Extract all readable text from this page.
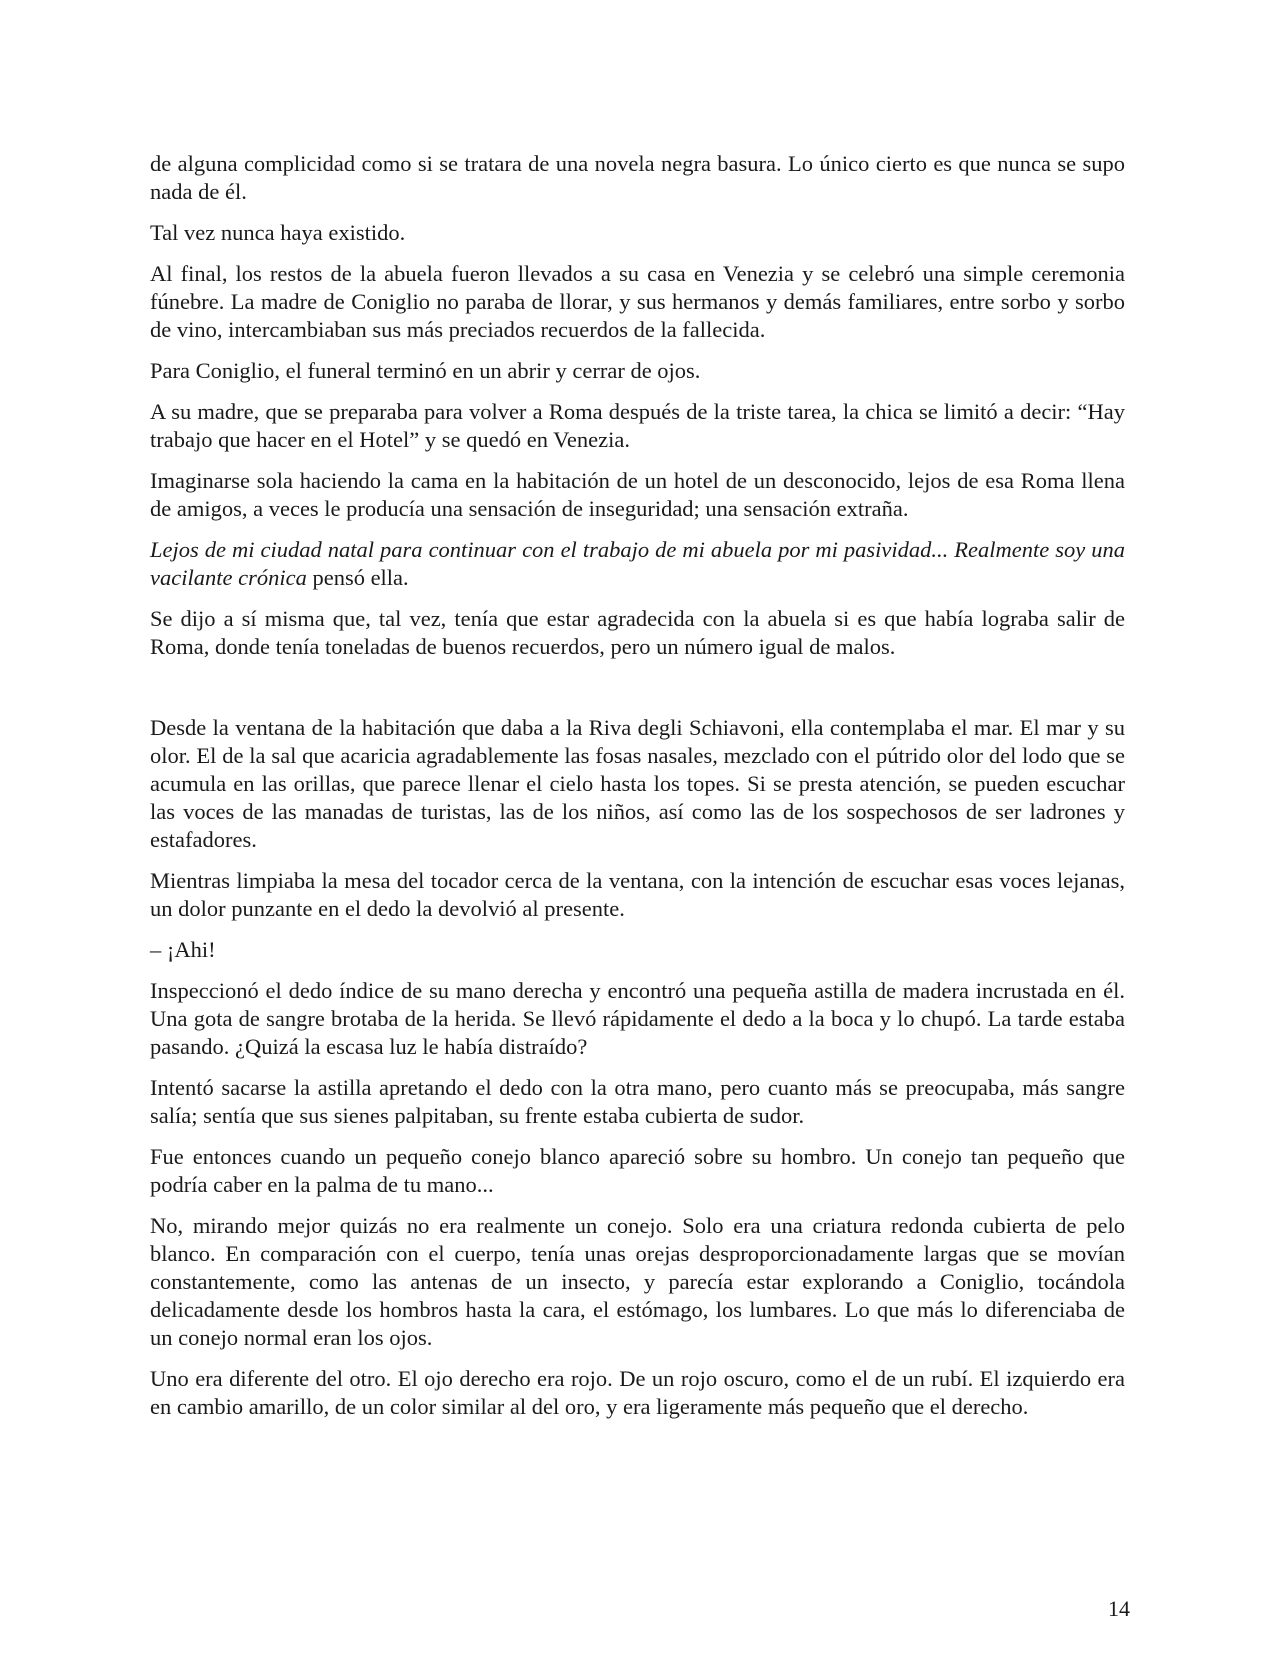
de alguna complicidad como si se tratara de una novela negra basura. Lo único cierto es que nunca se supo nada de él.

Tal vez nunca haya existido.

Al final, los restos de la abuela fueron llevados a su casa en Venezia y se celebró una simple ceremonia fúnebre. La madre de Coniglio no paraba de llorar, y sus hermanos y demás familiares, entre sorbo y sorbo de vino, intercambiaban sus más preciados recuerdos de la fallecida.

Para Coniglio, el funeral terminó en un abrir y cerrar de ojos.

A su madre, que se preparaba para volver a Roma después de la triste tarea, la chica se limitó a decir: “Hay trabajo que hacer en el Hotel” y se quedó en Venezia.

Imaginarse sola haciendo la cama en la habitación de un hotel de un desconocido, lejos de esa Roma llena de amigos, a veces le producía una sensación de inseguridad; una sensación extraña.

Lejos de mi ciudad natal para continuar con el trabajo de mi abuela por mi pasividad... Realmente soy una vacilante crónica pensó ella.

Se dijo a sí misma que, tal vez, tenía que estar agradecida con la abuela si es que había lograba salir de Roma, donde tenía toneladas de buenos recuerdos, pero un número igual de malos.

Desde la ventana de la habitación que daba a la Riva degli Schiavoni, ella contemplaba el mar. El mar y su olor. El de la sal que acaricia agradablemente las fosas nasales, mezclado con el pútrido olor del lodo que se acumula en las orillas, que parece llenar el cielo hasta los topes. Si se presta atención, se pueden escuchar las voces de las manadas de turistas, las de los niños, así como las de los sospechosos de ser ladrones y estafadores.

Mientras limpiaba la mesa del tocador cerca de la ventana, con la intención de escuchar esas voces lejanas, un dolor punzante en el dedo la devolvió al presente.

– ¡Ahi!

Inspeccionó el dedo índice de su mano derecha y encontró una pequeña astilla de madera incrustada en él. Una gota de sangre brotaba de la herida. Se llevó rápidamente el dedo a la boca y lo chupó. La tarde estaba pasando. ¿Quizá la escasa luz le había distraído?

Intentó sacarse la astilla apretando el dedo con la otra mano, pero cuanto más se preocupaba, más sangre salía; sentía que sus sienes palpitaban, su frente estaba cubierta de sudor.

Fue entonces cuando un pequeño conejo blanco apareció sobre su hombro. Un conejo tan pequeño que podría caber en la palma de tu mano...

No, mirando mejor quizás no era realmente un conejo. Solo era una criatura redonda cubierta de pelo blanco. En comparación con el cuerpo, tenía unas orejas desproporcionadamente largas que se movían constantemente, como las antenas de un insecto, y parecía estar explorando a Coniglio, tocándola delicadamente desde los hombros hasta la cara, el estómago, los lumbares. Lo que más lo diferenciaba de un conejo normal eran los ojos.

Uno era diferente del otro. El ojo derecho era rojo. De un rojo oscuro, como el de un rubí. El izquierdo era en cambio amarillo, de un color similar al del oro, y era ligeramente más pequeño que el derecho.

14
